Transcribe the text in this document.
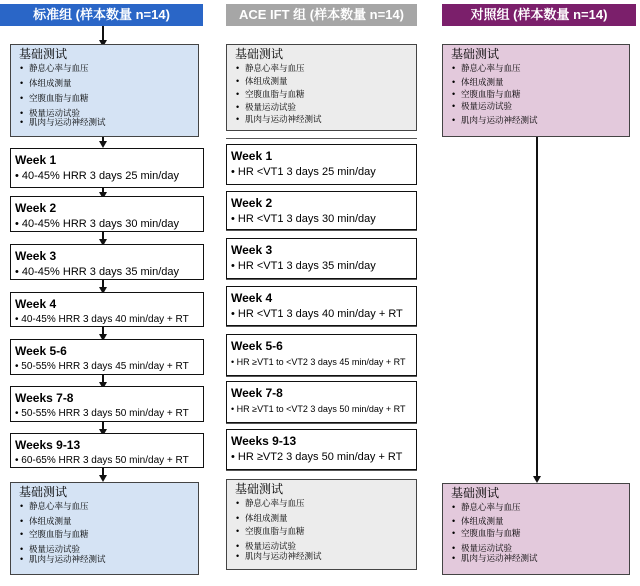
标准组 (样本数量 n=14)	ACE IFT 组 (样本数量 n=14)	对照组 (样本数量 n=14)
基础测试
• 静息心率与血压
• 体组成测量
• 空腹血脂与血糖
• 极量运动试验
• 肌肉与运动神经测试
基础测试
• 静息心率与血压
• 体组成测量
• 空腹血脂与血糖
• 极量运动试验
• 肌肉与运动神经测试
基础测试
• 静息心率与血压
• 体组成测量
• 空腹血脂与血糖
• 极量运动试验
• 肌肉与运动神经测试
Week 1
• 40-45% HRR 3 days 25 min/day
Week 2
• 40-45% HRR 3 days 30 min/day
Week 3
• 40-45% HRR 3 days 35 min/day
Week 4
• 40-45% HRR 3 days 40 min/day + RT
Week 5-6
• 50-55% HRR 3 days 45 min/day + RT
Weeks 7-8
• 50-55% HRR 3 days 50 min/day + RT
Weeks 9-13
• 60-65% HRR 3 days 50 min/day + RT
基础测试
• 静息心率与血压
• 体组成测量
• 空腹血脂与血糖
• 极量运动试验
• 肌肉与运动神经测试
Week 1
• HR <VT1 3 days 25 min/day
Week 2
• HR <VT1 3 days 30 min/day
Week 3
• HR <VT1 3 days 35 min/day
Week 4
• HR <VT1 3 days 40 min/day + RT
Week 5-6
• HR ≥VT1 to <VT2 3 days 45 min/day + RT
Week 7-8
• HR ≥VT1 to <VT2 3 days 50 min/day + RT
Weeks 9-13
• HR ≥VT2 3 days 50 min/day + RT
基础测试
• 静息心率与血压
• 体组成测量
• 空腹血脂与血糖
• 极量运动试验
• 肌肉与运动神经测试
基础测试
• 静息心率与血压
• 体组成测量
• 空腹血脂与血糖
• 极量运动试验
• 肌肉与运动神经测试
